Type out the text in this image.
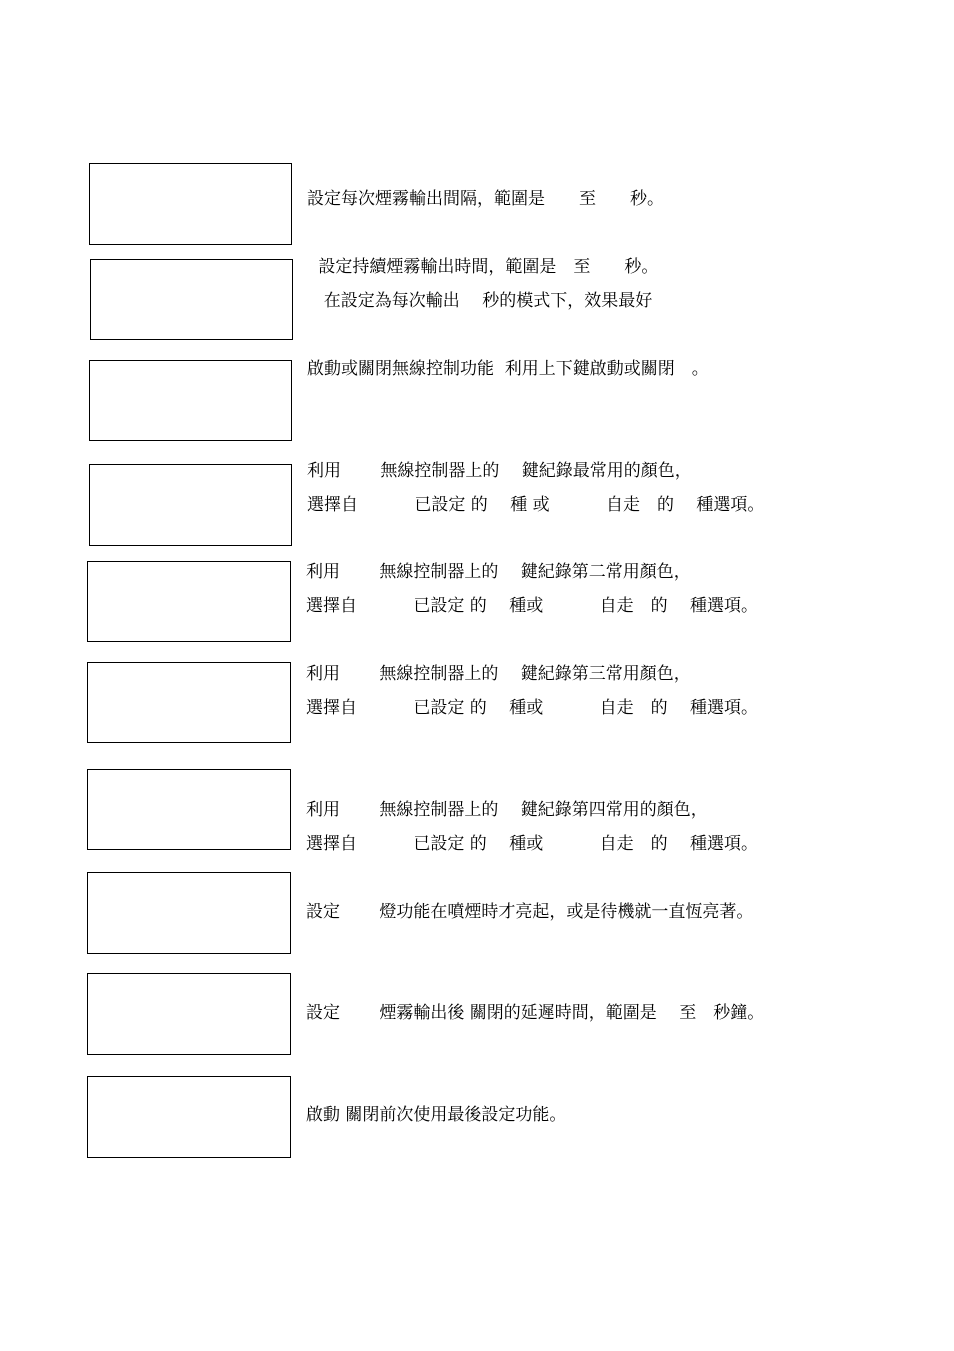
設定每次煙霧輸出間隔，範圍是　　至　　秒。
設定持續煙霧輸出時間，範圍是　至　　秒。
在設定為每次輸出　 秒的模式下，效果最好
啟動或關閉無線控制功能  利用上下鍵啟動或關閉　。
利用　　 無線控制器上的　 鍵紀錄最常用的顏色，
選擇自　　　 已設定 的　 種 或　　　 自走　的　 種選項。
利用　　 無線控制器上的　 鍵紀錄第二常用顏色，
選擇自　　　 已設定 的　 種或　　　 自走　的　 種選項。
利用　　 無線控制器上的　 鍵紀錄第三常用顏色，
選擇自　　　 已設定 的　 種或　　　 自走　的　 種選項。
利用　　 無線控制器上的　 鍵紀錄第四常用的顏色，
選擇自　　　 已設定 的　 種或　　　 自走　的　 種選項。
設定　　 燈功能在噴煙時才亮起，或是待機就一直恆亮著。
設定　　 煙霧輸出後 關閉的延遲時間，範圍是　 至　秒鐘。
啟動 關閉前次使用最後設定功能。
